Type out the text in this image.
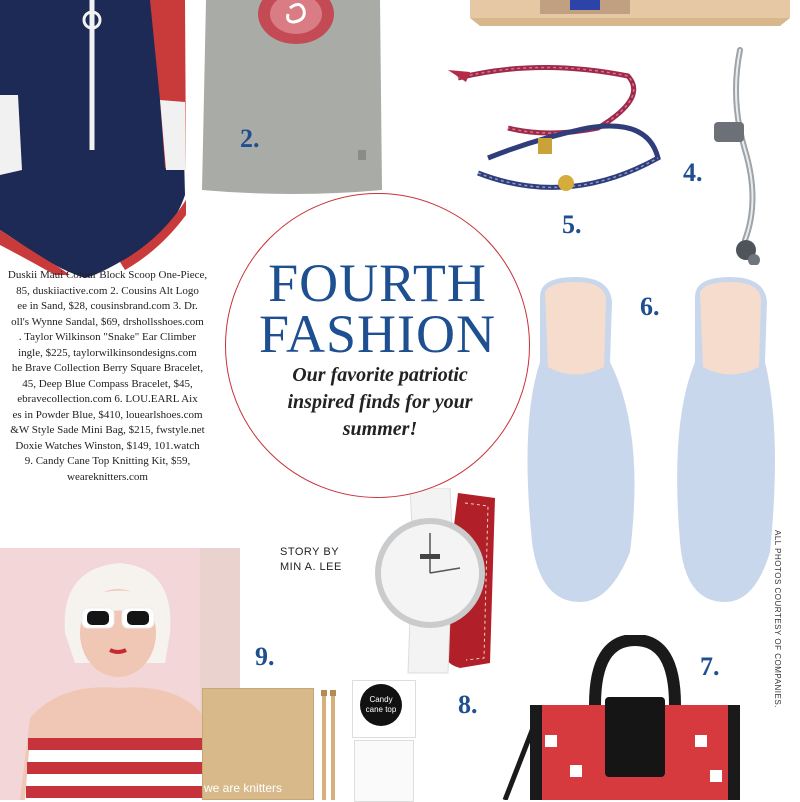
we are knitters
Candy cane top
FOURTH
FASHION
Our favorite patriotic
inspired finds for your
summer!
Duskii Maui Colour Block Scoop One-Piece,
85, duskiiactive.com 2. Cousins Alt Logo
ee in Sand, $28, cousinsbrand.com 3. Dr.
oll's Wynne Sandal, $69, drshollsshoes.com
. Taylor Wilkinson "Snake" Ear Climber
ingle, $225, taylorwilkinsondesigns.com
he Brave Collection Berry Square Bracelet,
45, Deep Blue Compass Bracelet, $45,
ebravecollection.com 6. LOU.EARL Aix
es in Powder Blue, $410, louearlshoes.com
&W Style Sade Mini Bag, $215, fwstyle.net
Doxie Watches Winston, $149, 101.watch
9. Candy Cane Top Knitting Kit, $59,
weareknitters.com
STORY BY
MIN A. LEE	ALL PHOTOS COURTESY OF COMPANIES.
2.
4.
5.
6.
7.
8.
9.
